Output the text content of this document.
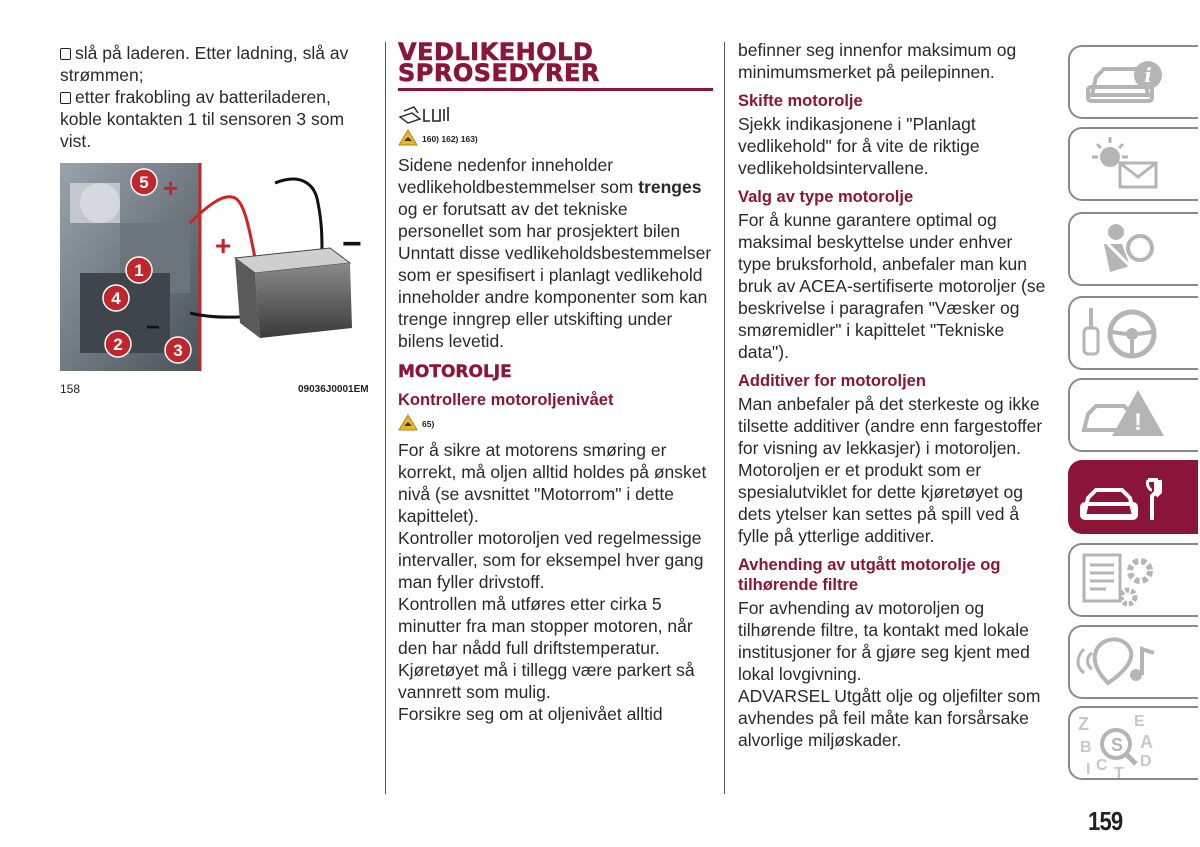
slå på laderen. Etter ladning, slå av strømmen;

etter frakobling av batteriladeren, koble kontakten 1 til sensoren 3 som vist.

+	−
+
−
5
1
4
2	3
158	09036J0001EM
VEDLIKEHOLD
SPROSEDYRER
160) 162) 163)

Sidene nedenfor inneholder vedlikeholdbestemmelser som trenges og er forutsatt av det tekniske personellet som har prosjektert bilen

Unntatt disse vedlikeholdsbestemmelser som er spesifisert i planlagt vedlikehold inneholder andre komponenter som kan trenge inngrep eller utskifting under bilens levetid.

MOTOROLJE
Kontrollere motoroljenivået
65)

For å sikre at motorens smøring er korrekt, må oljen alltid holdes på ønsket nivå (se avsnittet "Motorrom" i dette kapittelet).

Kontroller motoroljen ved regelmessige intervaller, som for eksempel hver gang man fyller drivstoff.

Kontrollen må utføres etter cirka 5 minutter fra man stopper motoren, når den har nådd full driftstemperatur. Kjøretøyet må i tillegg være parkert så vannrett som mulig.

Forsikre seg om at oljenivået alltid

befinner seg innenfor maksimum og minimumsmerket på peilepinnen.

Skifte motorolje

Sjekk indikasjonene i "Planlagt vedlikehold" for å vite de riktige vedlikeholdsintervallene.

Valg av type motorolje

For å kunne garantere optimal og maksimal beskyttelse under enhver type bruksforhold, anbefaler man kun bruk av ACEA-sertifiserte motoroljer (se beskrivelse i paragrafen "Væsker og smøremidler" i kapittelet "Tekniske data").

Additiver for motoroljen

Man anbefaler på det sterkeste og ikke tilsette additiver (andre enn fargestoffer for visning av lekkasjer) i motoroljen.

Motoroljen er et produkt som er spesialutviklet for dette kjøretøyet og dets ytelser kan settes på spill ved å fylle på ytterlige additiver.

Avhending av utgått motorolje og tilhørende filtre

For avhending av motoroljen og tilhørende filtre, ta kontakt med lokale institusjoner for å gjøre seg kjent med lokal lovgivning.

ADVARSEL Utgått olje og oljefilter som avhendes på feil måte kan forsårsake alvorlige miljøskader.

i
!
Z	E
B	A
I C T
D
S
159
